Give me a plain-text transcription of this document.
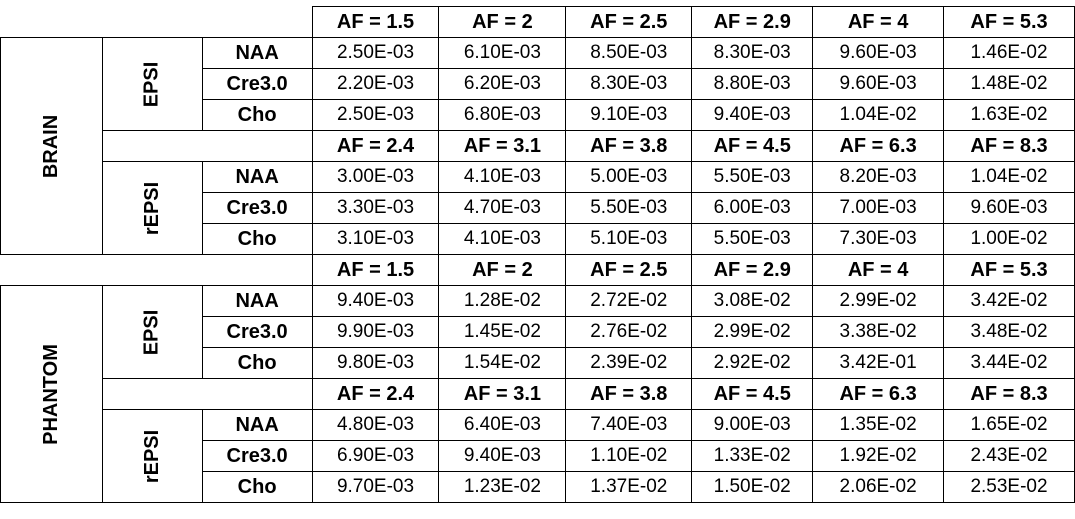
			AF = 1.5	AF = 2	AF = 2.5	AF = 2.9	AF = 4	AF = 5.3
BRAIN	EPSI	NAA	2.50E-03	6.10E-03	8.50E-03	8.30E-03	9.60E-03	1.46E-02
		Cre3.0	2.20E-03	6.20E-03	8.30E-03	8.80E-03	9.60E-03	1.48E-02
		Cho	2.50E-03	6.80E-03	9.10E-03	9.40E-03	1.04E-02	1.63E-02
			AF = 2.4	AF = 3.1	AF = 3.8	AF = 4.5	AF = 6.3	AF = 8.3
	rEPSI	NAA	3.00E-03	4.10E-03	5.00E-03	5.50E-03	8.20E-03	1.04E-02
		Cre3.0	3.30E-03	4.70E-03	5.50E-03	6.00E-03	7.00E-03	9.60E-03
		Cho	3.10E-03	4.10E-03	5.10E-03	5.50E-03	7.30E-03	1.00E-02
			AF = 1.5	AF = 2	AF = 2.5	AF = 2.9	AF = 4	AF = 5.3
PHANTOM	EPSI	NAA	9.40E-03	1.28E-02	2.72E-02	3.08E-02	2.99E-02	3.42E-02
		Cre3.0	9.90E-03	1.45E-02	2.76E-02	2.99E-02	3.38E-02	3.48E-02
		Cho	9.80E-03	1.54E-02	2.39E-02	2.92E-02	3.42E-01	3.44E-02
			AF = 2.4	AF = 3.1	AF = 3.8	AF = 4.5	AF = 6.3	AF = 8.3
	rEPSI	NAA	4.80E-03	6.40E-03	7.40E-03	9.00E-03	1.35E-02	1.65E-02
		Cre3.0	6.90E-03	9.40E-03	1.10E-02	1.33E-02	1.92E-02	2.43E-02
		Cho	9.70E-03	1.23E-02	1.37E-02	1.50E-02	2.06E-02	2.53E-02
